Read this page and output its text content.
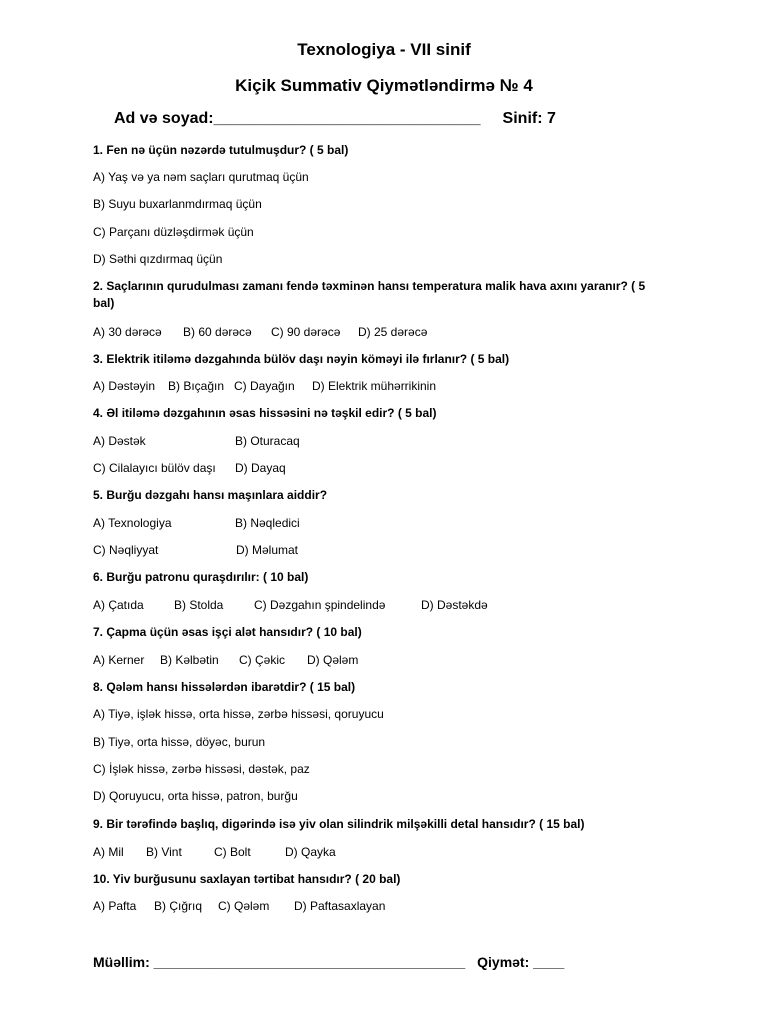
Texnologiya - VII sinif
Kiçik Summativ Qiymətləndirmə № 4
Ad və soyad:______________________________ Sinif: 7
1. Fen nə üçün nəzərdə tutulmuşdur? ( 5 bal)
A) Yaş və ya nəm saçları qurutmaq üçün
B) Suyu buxarlanmdırmaq üçün
C) Parçanı düzləşdirmək üçün
D) Səthi qızdırmaq üçün
2. Saçlarının qurudulması zamanı fendə təxminən hansı temperatura malik hava axını yaranır? ( 5 bal)
A) 30 dərəcə B) 60 dərəcə C) 90 dərəcə D) 25 dərəcə
3. Elektrik itiləmə dəzgahında bülöv daşı nəyin köməyi ilə fırlanır? ( 5 bal)
A) Dəstəyin B) Bıçağın C) Dayağın D) Elektrik mühərrikinin
4. Əl itiləmə dəzgahının əsas hissəsini nə təşkil edir? ( 5 bal)
A) Dəstək	B) Oturacaq
C) Cilalayıcı bülöv daşı D) Dayaq
5. Burğu dəzgahı hansı maşınlara aiddir?
A) Texnologiya	B) Nəqledici
C) Nəqliyyat	D) Məlumat
6. Burğu patronu quraşdırılır: ( 10 bal)
A) Çatıda	B) Stolda	C) Dəzgahın şpindelində	D) Dəstəkdə
7. Çapma üçün əsas işçi alət hansıdır? ( 10 bal)
A) Kerner B) Kəlbətin C) Çəkic D) Qələm
8. Qələm hansı hissələrdən ibarətdir? ( 15 bal)
A) Tiyə, işlək hissə, orta hissə, zərbə hissəsi, qoruyucu
B) Tiyə, orta hissə, döyəc, burun
C) İşlək hissə, zərbə hissəsi, dəstək, paz
D) Qoruyucu, orta hissə, patron, burğu
9. Bir tərəfində başlıq, digərində isə yiv olan silindrik milşəkilli detal hansıdır? ( 15 bal)
A) Mil B) Vint	C) Bolt	D) Qayka
10. Yiv burğusunu saxlayan tərtibat hansıdır? ( 20 bal)
A) Pafta B) Çığrıq C) Qələm D) Paftasaxlayan
Müəllim: ________________________________________ Qiymət: ____
